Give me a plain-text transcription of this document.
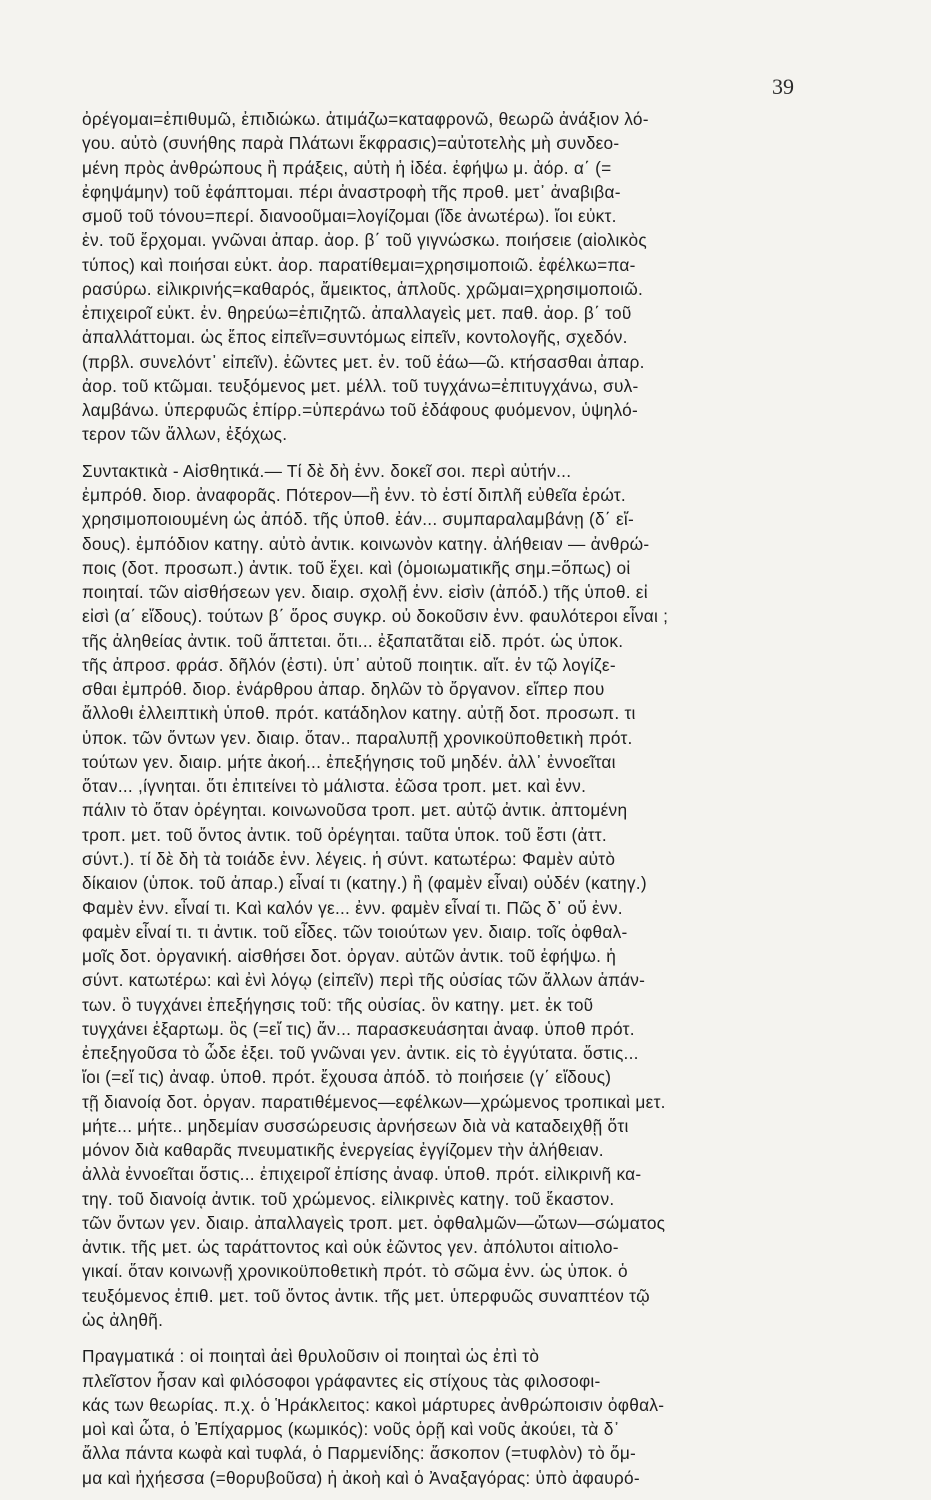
39
ὀρέγομαι=ἐπιθυμῶ, ἐπιδιώκω. ἀτιμάζω=καταφρονῶ, θεωρῶ ἀνάξιον λό-
γου. αὐτὸ (συνήθης παρὰ Πλάτωνι ἔκφρασις)=αὐτοτελὴς μὴ συνδεο-
μένη πρὸς ἀνθρώπους ἢ πράξεις, αὐτὴ ἡ ἰδέα. ἐφήψω μ. ἀόρ. α΄ (=
ἐφηψάμην) τοῦ ἐφάπτομαι. πέρι ἀναστροφὴ τῆς προθ. μετ᾽ ἀναβιβα-
σμοῦ τοῦ τόνου=περί. διανοοῦμαι=λογίζομαι (ἴδε ἀνωτέρω). ἴοι εὐκτ.
ἐν. τοῦ ἔρχομαι. γνῶναι ἀπαρ. ἀορ. β΄ τοῦ γιγνώσκω. ποιήσειε (αἰολικὸς
τύπος) καὶ ποιήσαι εὐκτ. ἀορ. παρατίθεμαι=χρησιμοποιῶ. ἐφέλκω=πα-
ρασύρω. εἰλικρινής=καθαρός, ἄμεικτος, ἁπλοῦς. χρῶμαι=χρησιμοποιῶ.
ἐπιχειροῖ εὐκτ. ἐν. θηρεύω=ἐπιζητῶ. ἀπαλλαγεὶς μετ. παθ. ἀορ. β΄ τοῦ
ἀπαλλάττομαι. ὡς ἔπος εἰπεῖν=συντόμως εἰπεῖν, κοντολογῆς, σχεδόν.
(πρβλ. συνελόντ᾽ εἰπεῖν). ἐῶντες μετ. ἐν. τοῦ ἐάω—ῶ. κτήσασθαι ἀπαρ.
ἀορ. τοῦ κτῶμαι. τευξόμενος μετ. μέλλ. τοῦ τυγχάνω=ἐπιτυγχάνω, συλ-
λαμβάνω. ὑπερφυῶς ἐπίρρ.=ὑπεράνω τοῦ ἐδάφους φυόμενον, ὑψηλό-
τερον τῶν ἄλλων, ἐξόχως.
Συντακτικὰ - Αἰσθητικά.— Τί δὲ δὴ ἐνν. δοκεῖ σοι. περὶ αὐτήν...
ἐμπρόθ. διορ. ἀναφορᾶς. Πότερον—ἢ ἐνν. τὸ ἐστί διπλῆ εὐθεῖα ἐρώτ.
χρησιμοποιουμένη ὡς ἀπόδ. τῆς ὑποθ. ἐάν... συμπαραλαμβάνῃ (δ΄ εἴ-
δους). ἐμπόδιον κατηγ. αὐτὸ ἀντικ. κοινωνὸν κατηγ. ἀλήθειαν — ἀνθρώ-
ποις (δοτ. προσωπ.) ἀντικ. τοῦ ἔχει. καὶ (ὁμοιωματικῆς σημ.=ὅπως) οἱ
ποιηταί. τῶν αἰσθήσεων γεν. διαιρ. σχολῇ ἐνν. εἰσὶν (ἀπόδ.) τῆς ὑποθ. εἰ
εἰσὶ (α΄ εἴδους). τούτων β΄ ὅρος συγκρ. οὐ δοκοῦσιν ἐνν. φαυλότεροι εἶναι ;
τῆς ἀληθείας ἀντικ. τοῦ ἅπτεται. ὅτι... ἐξαπατᾶται εἰδ. πρότ. ὡς ὑποκ.
τῆς ἀπροσ. φράσ. δῆλόν (ἐστι). ὑπ᾽ αὐτοῦ ποιητικ. αἴτ. ἐν τῷ λογίζε-
σθαι ἐμπρόθ. διορ. ἐνάρθρου ἀπαρ. δηλῶν τὸ ὄργανον. εἴπερ που
ἄλλοθι ἐλλειπτικὴ ὑποθ. πρότ. κατάδηλον κατηγ. αὐτῇ δοτ. προσωπ. τι
ὑποκ. τῶν ὄντων γεν. διαιρ. ὅταν.. παραλυπῇ χρονικοϋποθετικὴ πρότ.
τούτων γεν. διαιρ. μήτε ἀκοή... ἐπεξήγησις τοῦ μηδέν. ἀλλ᾽ ἐννοεῖται
ὅταν... ,ίγνηται. ὅτι ἐπιτείνει τὸ μάλιστα. ἐῶσα τροπ. μετ. καὶ ἐνν.
πάλιν τὸ ὅταν ὀρέγηται. κοινωνοῦσα τροπ. μετ. αὐτῷ ἀντικ. ἀπτομένη
τροπ. μετ. τοῦ ὄντος ἀντικ. τοῦ ὀρέγηται. ταῦτα ὑποκ. τοῦ ἔστι (ἀττ.
σύντ.). τί δὲ δὴ τὰ τοιάδε ἐνν. λέγεις. ἡ σύντ. κατωτέρω: Φαμὲν αὐτὸ
δίκαιον (ὑποκ. τοῦ ἀπαρ.) εἶναί τι (κατηγ.) ἢ (φαμὲν εἶναι) οὐδέν (κατηγ.)
Φαμὲν ἐνν. εἶναί τι. Καὶ καλόν γε... ἐνν. φαμὲν εἶναί τι. Πῶς δ᾽ οὔ ἐνν.
φαμὲν εἶναί τι. τι ἀντικ. τοῦ εἶδες. τῶν τοιούτων γεν. διαιρ. τοῖς ὀφθαλ-
μοῖς δοτ. ὀργανική. αἰσθήσει δοτ. ὀργαν. αὐτῶν ἀντικ. τοῦ ἐφήψω. ἡ
σύντ. κατωτέρω: καὶ ἐνὶ λόγῳ (εἰπεῖν) περὶ τῆς οὐσίας τῶν ἄλλων ἁπάν-
των. ὃ τυγχάνει ἐπεξήγησις τοῦ: τῆς οὐσίας. ὃν κατηγ. μετ. ἐκ τοῦ
τυγχάνει ἐξαρτωμ. ὃς (=εἴ τις) ἄν... παρασκευάσηται ἀναφ. ὑποθ πρότ.
ἐπεξηγοῦσα τὸ ὧδε ἐξει. τοῦ γνῶναι γεν. ἀντικ. εἰς τὸ ἐγγύτατα. ὅστις...
ἴοι (=εἴ τις) ἀναφ. ὑποθ. πρότ. ἔχουσα ἀπόδ. τὸ ποιήσειε (γ΄ εἴδους)
τῇ διανοίᾳ δοτ. ὀργαν. παρατιθέμενος—εφέλκων—χρώμενος τροπικαὶ μετ.
μήτε... μήτε.. μηδεμίαν συσσώρευσις ἀρνήσεων διὰ νὰ καταδειχθῇ ὅτι
μόνον διὰ καθαρᾶς πνευματικῆς ἐνεργείας ἐγγίζομεν τὴν ἀλήθειαν.
ἀλλὰ ἐννοεῖται ὅστις... ἐπιχειροῖ ἐπίσης ἀναφ. ὑποθ. πρότ. εἰλικρινῆ κα-
τηγ. τοῦ διανοίᾳ ἀντικ. τοῦ χρώμενος. εἰλικρινὲς κατηγ. τοῦ ἕκαστον.
τῶν ὄντων γεν. διαιρ. ἀπαλλαγεὶς τροπ. μετ. ὀφθαλμῶν—ὤτων—σώματος
ἀντικ. τῆς μετ. ὡς ταράττοντος καὶ οὐκ ἐῶντος γεν. ἀπόλυτοι αἰτιολο-
γικαί. ὅταν κοινωνῇ χρονικοϋποθετικὴ πρότ. τὸ σῶμα ἐνν. ὡς ὑποκ. ὁ
τευξόμενος ἐπιθ. μετ. τοῦ ὄντος ἀντικ. τῆς μετ. ὑπερφυῶς συναπτέον τῷ
ὡς ἀληθῆ.
Πραγματικά : οἱ ποιηταὶ ἀεὶ θρυλοῦσιν οἱ ποιηταὶ ὡς ἐπὶ τὸ
πλεῖστον ἦσαν καὶ φιλόσοφοι γράφαντες εἰς στίχους τὰς φιλοσοφι-
κάς των θεωρίας. π.χ. ὁ Ἡράκλειτος: κακοὶ μάρτυρες ἀνθρώποισιν ὀφθαλ-
μοὶ καὶ ὦτα, ὁ Ἐπίχαρμος (κωμικός): νοῦς ὁρῇ καὶ νοῦς ἀκούει, τὰ δ᾽
ἄλλα πάντα κωφὰ καὶ τυφλά, ὁ Παρμενίδης: ἄσκοπον (=τυφλὸν) τὸ ὄμ-
μα καὶ ἠχήεσσα (=θορυβοῦσα) ἡ ἀκοὴ καὶ ὁ Ἀναξαγόρας: ὑπὸ ἀφαυρό-
